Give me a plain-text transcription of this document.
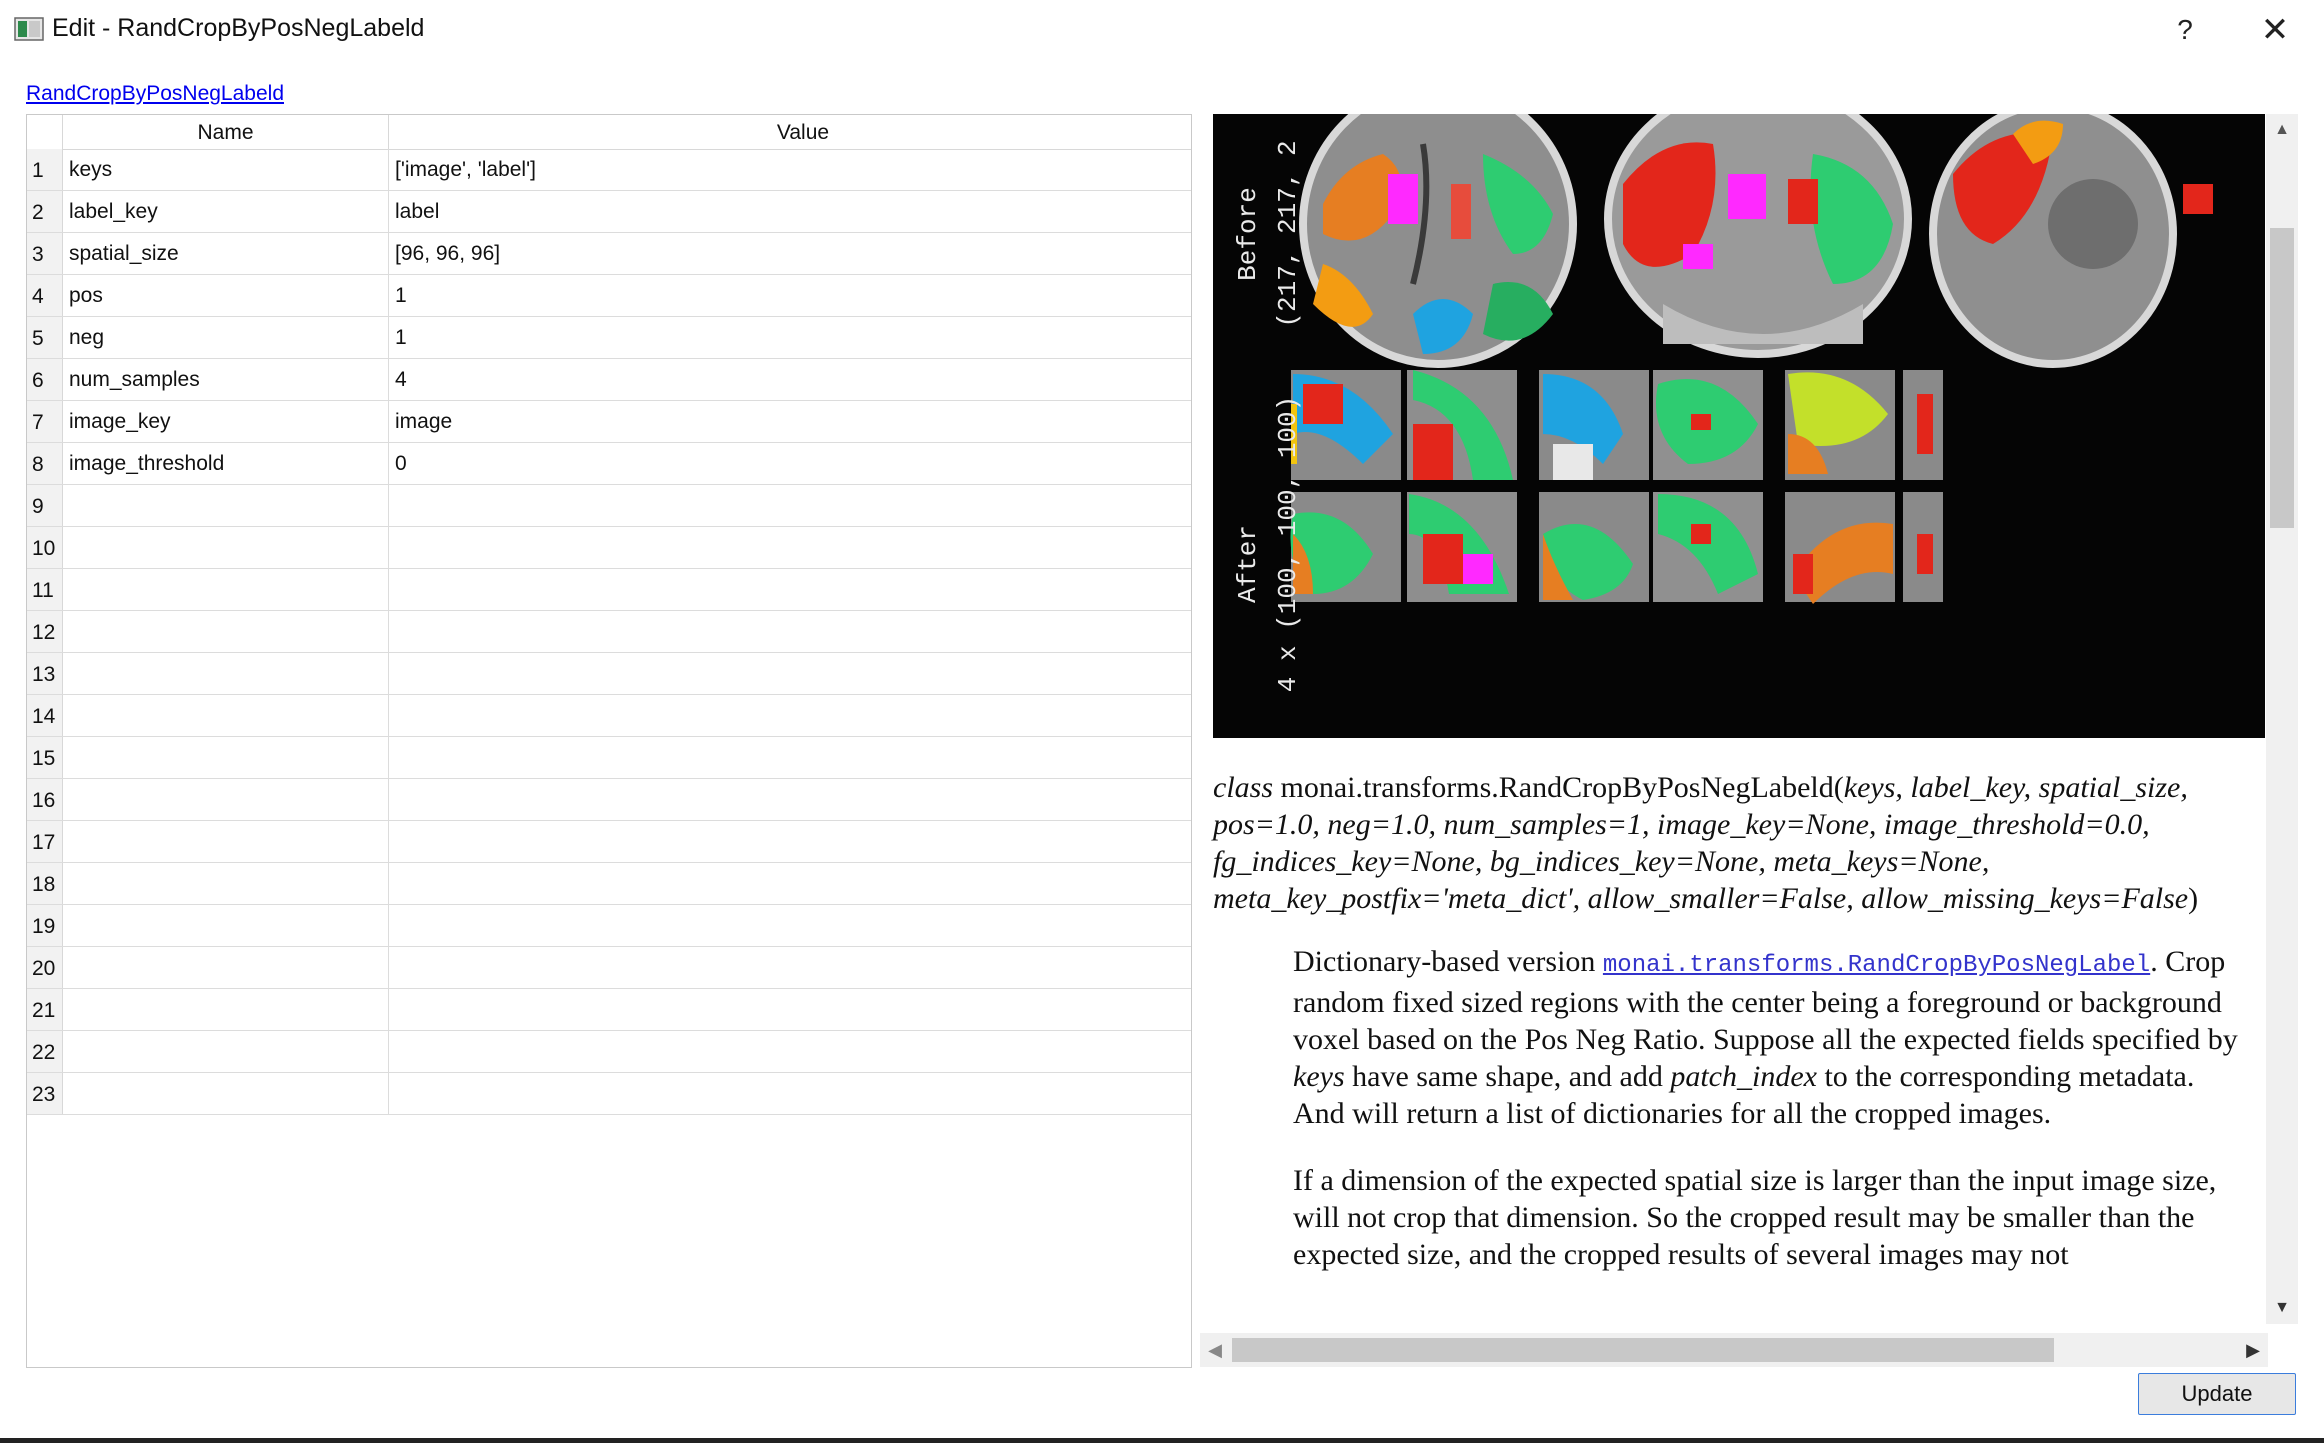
Edit - RandCropByPosNegLabeld	?	✕
RandCropByPosNegLabeld
Name	Value
1	keys	['image', 'label']
2	label_key	label
3	spatial_size	[96, 96, 96]
4	pos	1
5	neg	1
6	num_samples	4
7	image_key	image
8	image_threshold	0
9
10
11
12
13
14
15
16
17
18
19
20
21
22
23
Before (217, 217, 2
After 4 x (100, 100, 100)

class monai.transforms.RandCropByPosNegLabeld(keys, label_key, spatial_size, pos=1.0, neg=1.0, num_samples=1, image_key=None, image_threshold=0.0, fg_indices_key=None, bg_indices_key=None, meta_keys=None, meta_key_postfix='meta_dict', allow_smaller=False, allow_missing_keys=False)

Dictionary-based version monai.transforms.RandCropByPosNegLabel. Crop random fixed sized regions with the center being a foreground or background voxel based on the Pos Neg Ratio. Suppose all the expected fields specified by keys have same shape, and add patch_index to the corresponding metadata. And will return a list of dictionaries for all the cropped images.

If a dimension of the expected spatial size is larger than the input image size, will not crop that dimension. So the cropped result may be smaller than the expected size, and the cropped results of several images may not

▲
▼
◀	▶
Update
